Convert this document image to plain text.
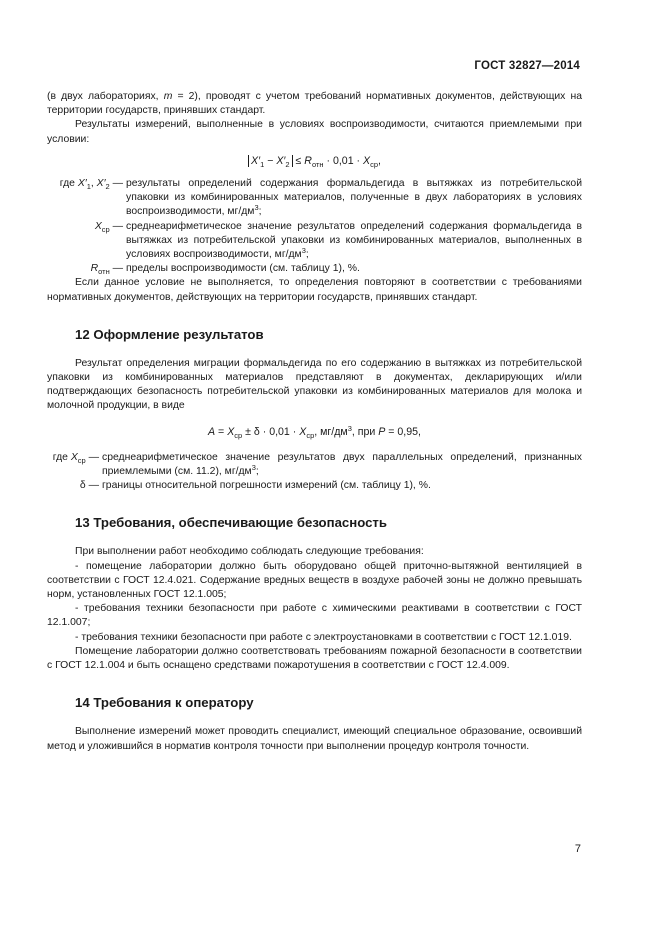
ГОСТ 32827—2014

(в двух лабораториях, m = 2), проводят с учетом требований нормативных документов, действующих на территории государств, принявших стандарт.

Результаты измерений, выполненные в условиях воспроизводимости, считаются приемлемыми при условии:

$X'_1 - X'_2 \le R_{отн} \cdot 0,01 \cdot X_{ср}$,
где $X'_1$, $X'_2$ — результаты определений содержания формальдегида в вытяжках из потребительской упаковки из комбинированных материалов, полученные в двух лабораториях в условиях воспроизводимости, $мг/дм^3$;
$X_{ср}$ — среднеарифметическое значение результатов определений содержания формальдегида в вытяжках из потребительской упаковки из комбинированных материалов, выполненных в условиях воспроизводимости, $мг/дм^3$;
$R_{отн}$ — пределы воспроизводимости (см. таблицу 1), %.

Если данное условие не выполняется, то определения повторяют в соответствии с требованиями нормативных документов, действующих на территории государств, принявших стандарт.

12 Оформление результатов

Результат определения миграции формальдегида по его содержанию в вытяжках из потребительской упаковки из комбинированных материалов представляют в документах, декларирующих и/или подтверждающих безопасность потребительской упаковки из комбинированных материалов для молока и молочной продукции, в виде

$A = X_{ср} \pm \delta \cdot 0,01 \cdot X_{ср}$, $мг/дм^3$, при P = 0,95,
где $X_{ср}$ — среднеарифметическое значение результатов двух параллельных определений, признанных приемлемыми (см. 11.2), $мг/дм^3$;
δ — границы относительной погрешности измерений (см. таблицу 1), %.
13 Требования, обеспечивающие безопасность

При выполнении работ необходимо соблюдать следующие требования:

- помещение лаборатории должно быть оборудовано общей приточно-вытяжной вентиляцией в соответствии с ГОСТ 12.4.021. Содержание вредных веществ в воздухе рабочей зоны не должно превышать норм, установленных ГОСТ 12.1.005;

- требования техники безопасности при работе с химическими реактивами в соответствии с ГОСТ 12.1.007;

- требования техники безопасности при работе с электроустановками в соответствии с ГОСТ 12.1.019.

Помещение лаборатории должно соответствовать требованиям пожарной безопасности в соответствии с ГОСТ 12.1.004 и быть оснащено средствами пожаротушения в соответствии с ГОСТ 12.4.009.

14 Требования к оператору

Выполнение измерений может проводить специалист, имеющий специальное образование, освоивший метод и уложившийся в норматив контроля точности при выполнении процедур контроля точности.

7
